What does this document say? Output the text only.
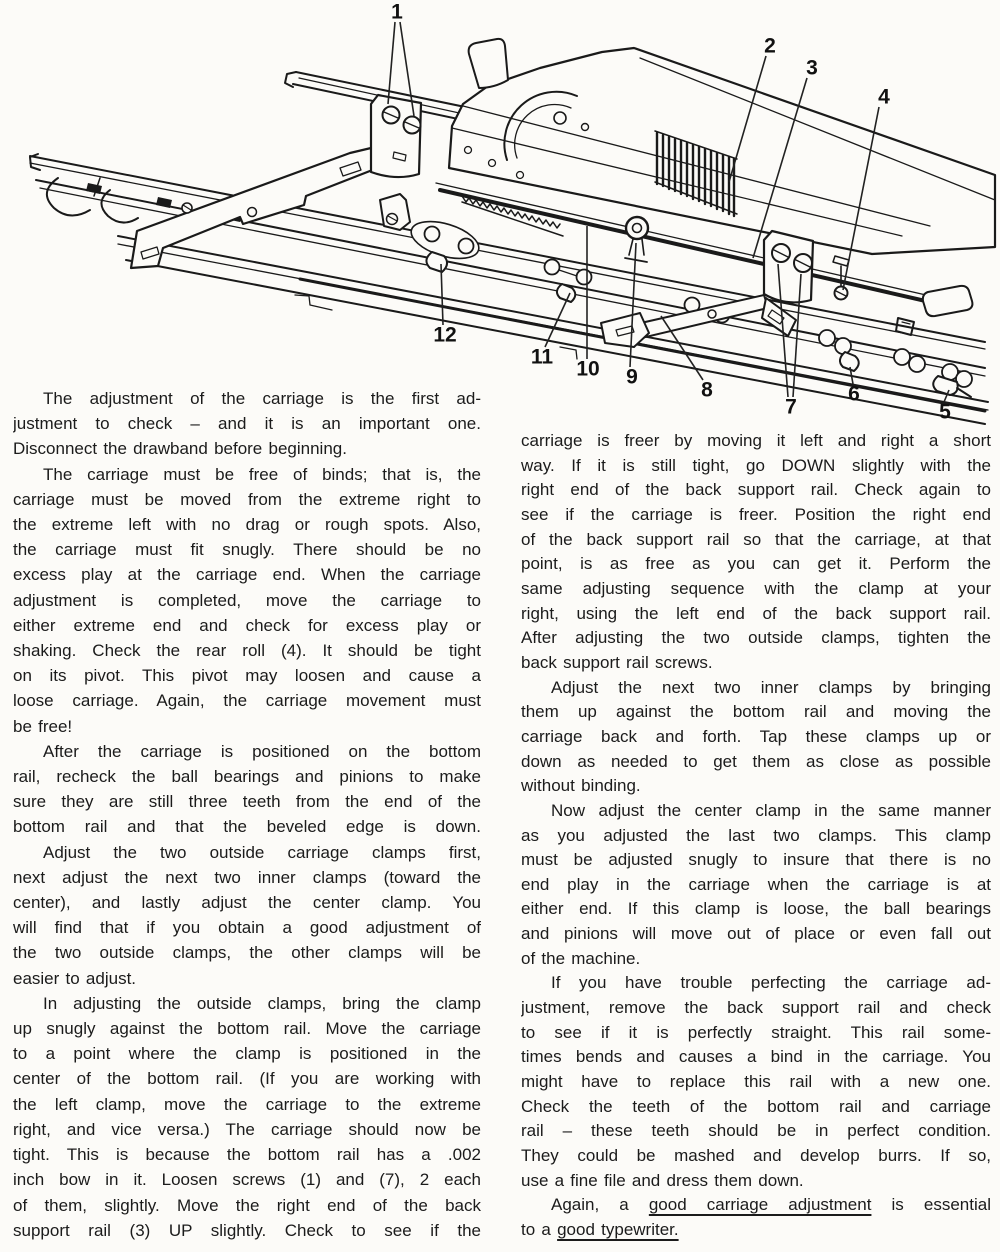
1
2
3
4
5
6
7
8
9
10
11
12
The adjustment of the carriage is the first ad-
justment to check – and it is an important one.
Disconnect the drawband before beginning.
The carriage must be free of binds; that is, the
carriage must be moved from the extreme right to
the extreme left with no drag or rough spots. Also,
the carriage must fit snugly. There should be no
excess play at the carriage end. When the carriage
adjustment is completed, move the carriage to
either extreme end and check for excess play or
shaking. Check the rear roll (4). It should be tight
on its pivot. This pivot may loosen and cause a
loose carriage. Again, the carriage movement must
be free!
After the carriage is positioned on the bottom
rail, recheck the ball bearings and pinions to make
sure they are still three teeth from the end of the
bottom rail and that the beveled edge is down.
Adjust the two outside carriage clamps first,
next adjust the next two inner clamps (toward the
center), and lastly adjust the center clamp. You
will find that if you obtain a good adjustment of
the two outside clamps, the other clamps will be
easier to adjust.
In adjusting the outside clamps, bring the clamp
up snugly against the bottom rail. Move the carriage
to a point where the clamp is positioned in the
center of the bottom rail. (If you are working with
the left clamp, move the carriage to the extreme
right, and vice versa.) The carriage should now be
tight. This is because the bottom rail has a .002
inch bow in it. Loosen screws (1) and (7), 2 each
of them, slightly. Move the right end of the back
support rail (3) UP slightly. Check to see if the
carriage is freer by moving it left and right a short
way. If it is still tight, go DOWN slightly with the
right end of the back support rail. Check again to
see if the carriage is freer. Position the right end
of the back support rail so that the carriage, at that
point, is as free as you can get it. Perform the
same adjusting sequence with the clamp at your
right, using the left end of the back support rail.
After adjusting the two outside clamps, tighten the
back support rail screws.
Adjust the next two inner clamps by bringing
them up against the bottom rail and moving the
carriage back and forth. Tap these clamps up or
down as needed to get them as close as possible
without binding.
Now adjust the center clamp in the same manner
as you adjusted the last two clamps. This clamp
must be adjusted snugly to insure that there is no
end play in the carriage when the carriage is at
either end. If this clamp is loose, the ball bearings
and pinions will move out of place or even fall out
of the machine.
If you have trouble perfecting the carriage ad-
justment, remove the back support rail and check
to see if it is perfectly straight. This rail some-
times bends and causes a bind in the carriage. You
might have to replace this rail with a new one.
Check the teeth of the bottom rail and carriage
rail – these teeth should be in perfect condition.
They could be mashed and develop burrs. If so,
use a fine file and dress them down.
Again, a good carriage adjustment is essential
to a good typewriter.
